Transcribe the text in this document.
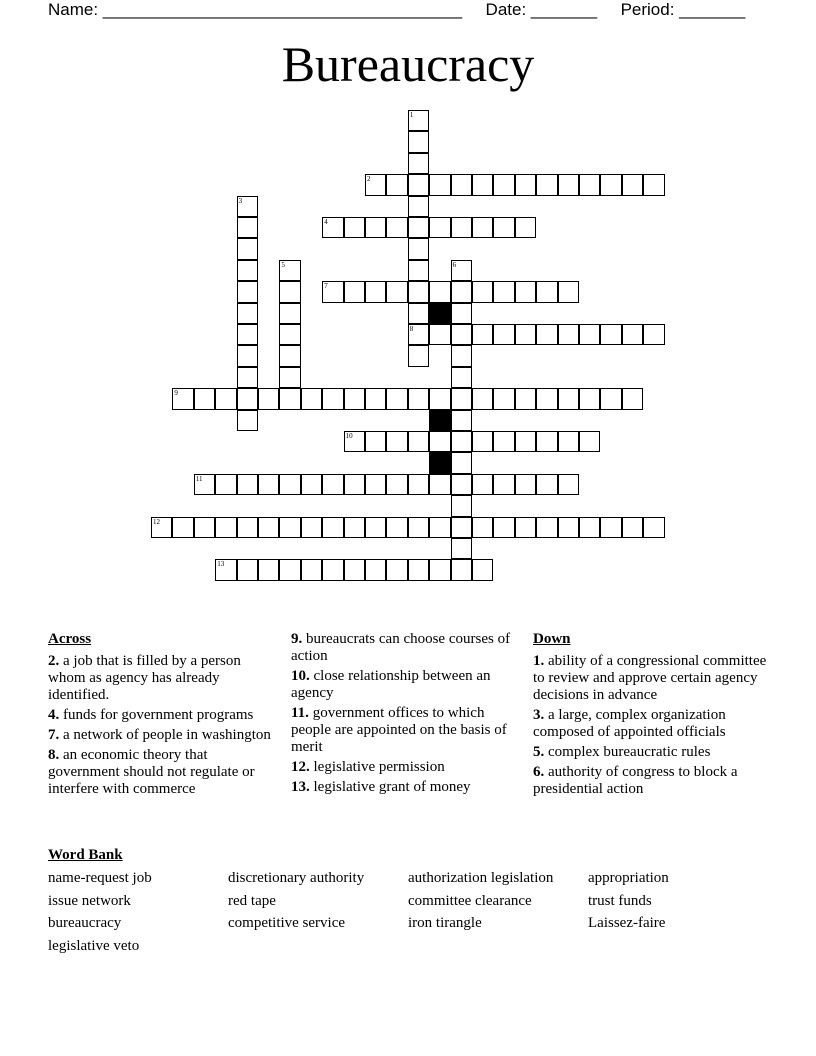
Name: ______________________________________ Date: _______ Period: _______
Bureaucracy
1
8
2
3
4
5	6
7
9
10
11
12
13
Across
2. a job that is filled by a person whom as agency has already identified.
4. funds for government programs
7. a network of people in washington
8. an economic theory that government should not regulate or interfere with commerce
9. bureaucrats can choose courses of action
10. close relationship between an agency
11. government offices to which people are appointed on the basis of merit
12. legislative permission
13. legislative grant of money
Down
1. ability of a congressional committee to review and approve certain agency decisions in advance
3. a large, complex organization composed of appointed officials
5. complex bureaucratic rules
6. authority of congress to block a presidential action
Word Bank
name-request job
issue network
bureaucracy
legislative veto
discretionary authority
red tape
competitive service
authorization legislation
committee clearance
iron tirangle
appropriation
trust funds
Laissez-faire
